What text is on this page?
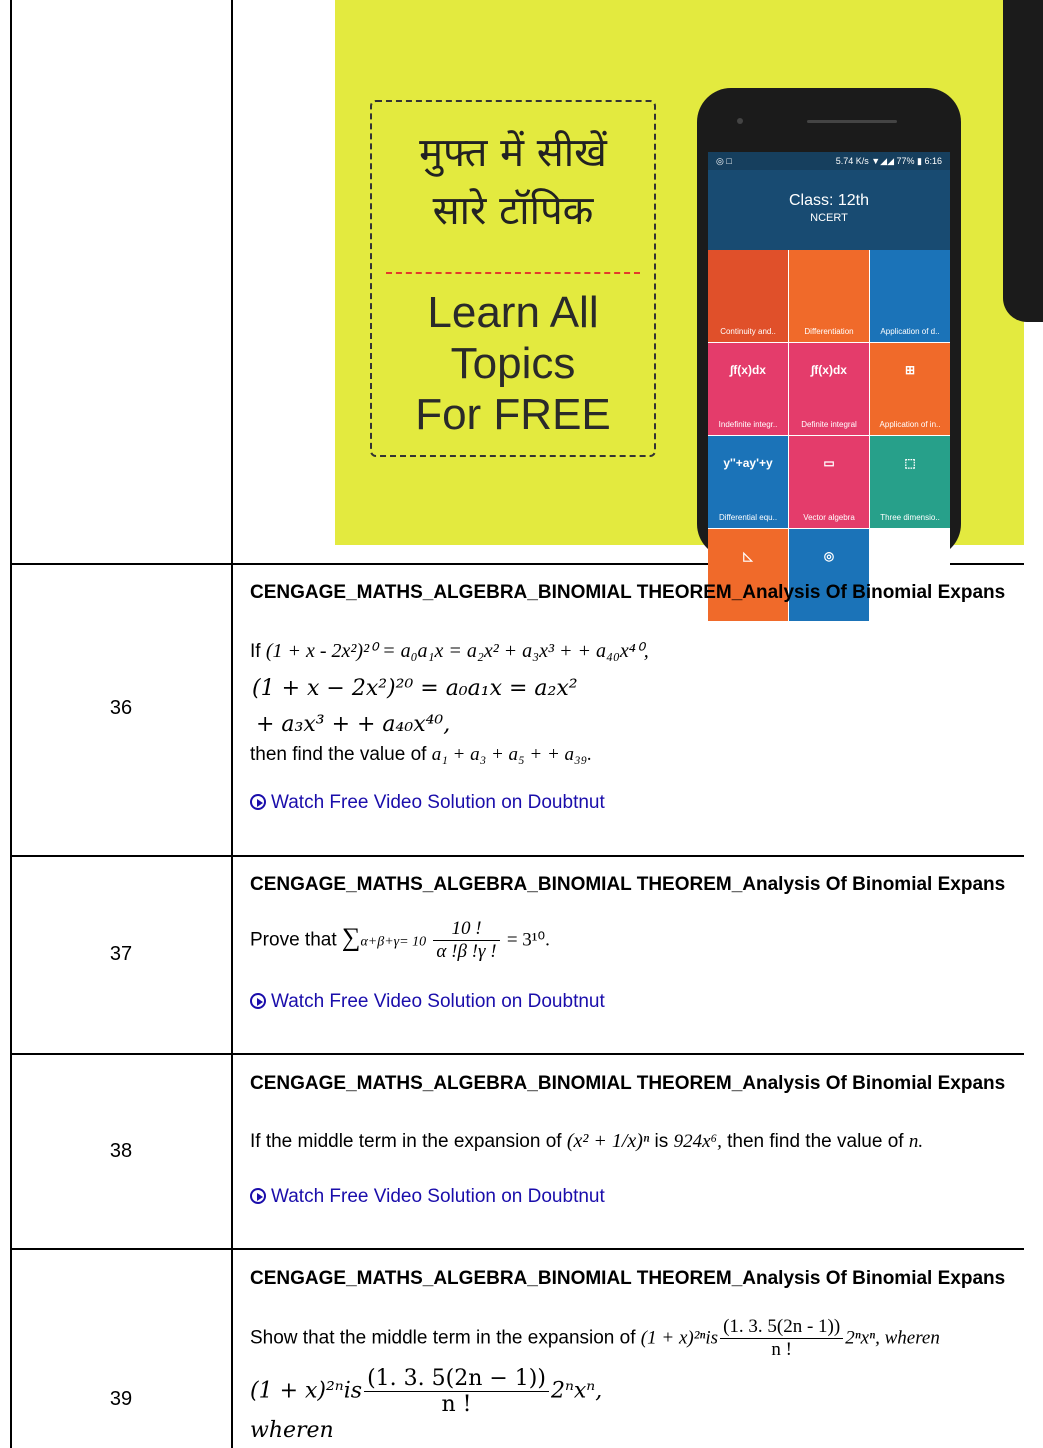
मुफ्त में सीखें
सारे टॉपिक
Learn All
Topics
For FREE
◎ □	5.74 K/s ▼◢◢ 77% ▮ 6:16
Class: 12th
NCERT
Continuity and..	Differentiation	Application of d..
∫f(x)dx
Indefinite integr..
∫f(x)dx
Definite integral
⊞
Application of in..
y''+ay'+y
Differential equ..
▭
Vector algebra
⬚
Three dimensio..
◺	◎
36
CENGAGE_MATHS_ALGEBRA_BINOMIAL THEOREM_Analysis Of Binomial Expans
If (1 + x - 2x²)²⁰ = a₀a₁x = a₂x² + a₃x³ + + a₄₀x⁴⁰,
(1 + x − 2x²)²⁰ = a₀a₁x = a₂x²
+ a₃x³ + + a₄₀x⁴⁰,
then find the value of a₁ + a₃ + a₅ + + a₃₉.
Watch Free Video Solution on Doubtnut
37
CENGAGE_MATHS_ALGEBRA_BINOMIAL THEOREM_Analysis Of Binomial Expans
Prove that $\sum\alpha+\beta+\gamma= 10 \frac{10 !}{\alpha !\beta !\gamma !} = 3^{10}$.
Watch Free Video Solution on Doubtnut
38
CENGAGE_MATHS_ALGEBRA_BINOMIAL THEOREM_Analysis Of Binomial Expans
If the middle term in the expansion of (x² + 1/x)ⁿ is 924x⁶, then find the value of n.
Watch Free Video Solution on Doubtnut
39
CENGAGE_MATHS_ALGEBRA_BINOMIAL THEOREM_Analysis Of Binomial Expans
Show that the middle term in the expansion of $(1 + x)^{2n}is \frac{(1. 3. 5(2n - 1))}{n !} 2^nx^n$, wheren
$(1 + x)^{2n}is \frac{(1. 3. 5(2n - 1))}{n !} 2^nx^n$,
wheren
